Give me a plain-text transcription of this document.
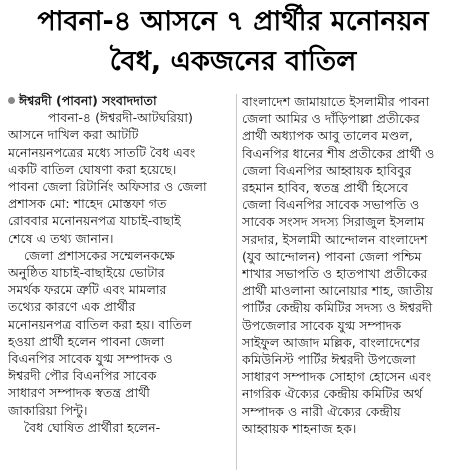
পাবনা-৪ আসনে ৭ প্রার্থীর মনোনয়ন
বৈধ, একজনের বাতিল
ঈশ্বরদী (পাবনা) সংবাদদাতা
পাবনা-৪ (ঈশ্বরদী-আটঘরিয়া)
আসনে দাখিল করা আটটি
মনোনয়নপত্রের মধ্যে সাতটি বৈধ এবং
একটি বাতিল ঘোষণা করা হয়েছে।
পাবনা জেলা রিটার্নিং অফিসার ও জেলা
প্রশাসক মো: শাহেদ মোস্তফা গত
রোববার মনোনয়নপত্র যাচাই-বাছাই
শেষে এ তথ্য জানান।
জেলা প্রশাসকের সম্মেলনকক্ষে
অনুষ্ঠিত যাচাই-বাছাইয়ে ভোটার
সমর্থক ফরমে ত্রুটি এবং মামলার
তথ্যের কারণে এক প্রার্থীর
মনোনয়নপত্র বাতিল করা হয়। বাতিল
হওয়া প্রার্থী হলেন পাবনা জেলা
বিএনপির সাবেক যুগ্ম সম্পাদক ও
ঈশ্বরদী পৌর বিএনপির সাবেক
সাধারণ সম্পাদক স্বতন্ত্র প্রার্থী
জাকারিয়া পিন্টু।
বৈধ ঘোষিত প্রার্থীরা হলেন-
বাংলাদেশ জামায়াতে ইসলামীর পাবনা
জেলা আমির ও দাঁড়িপাল্লা প্রতীকের
প্রার্থী অধ্যাপক আবু তালেব মণ্ডল,
বিএনপির ধানের শীষ প্রতীকের প্রার্থী ও
জেলা বিএনপির আহ্বায়ক হাবিবুর
রহমান হাবিব, স্বতন্ত্র প্রার্থী হিসেবে
জেলা বিএনপির সাবেক সভাপতি ও
সাবেক সংসদ সদস্য সিরাজুল ইসলাম
সরদার, ইসলামী আন্দোলন বাংলাদেশ
(যুব আন্দোলন) পাবনা জেলা পশ্চিম
শাখার সভাপতি ও হাতপাখা প্রতীকের
প্রার্থী মাওলানা আনোয়ার শাহ, জাতীয়
পার্টির কেন্দ্রীয় কমিটির সদস্য ও ঈশ্বরদী
উপজেলার সাবেক যুগ্ম সম্পাদক
সাইফুল আজাদ মল্লিক, বাংলাদেশের
কমিউনিস্ট পার্টির ঈশ্বরদী উপজেলা
সাধারণ সম্পাদক সোহাগ হোসেন এবং
নাগরিক ঐক্যের কেন্দ্রীয় কমিটির অর্থ
সম্পাদক ও নারী ঐক্যের কেন্দ্রীয়
আহ্বায়ক শাহনাজ হক।
